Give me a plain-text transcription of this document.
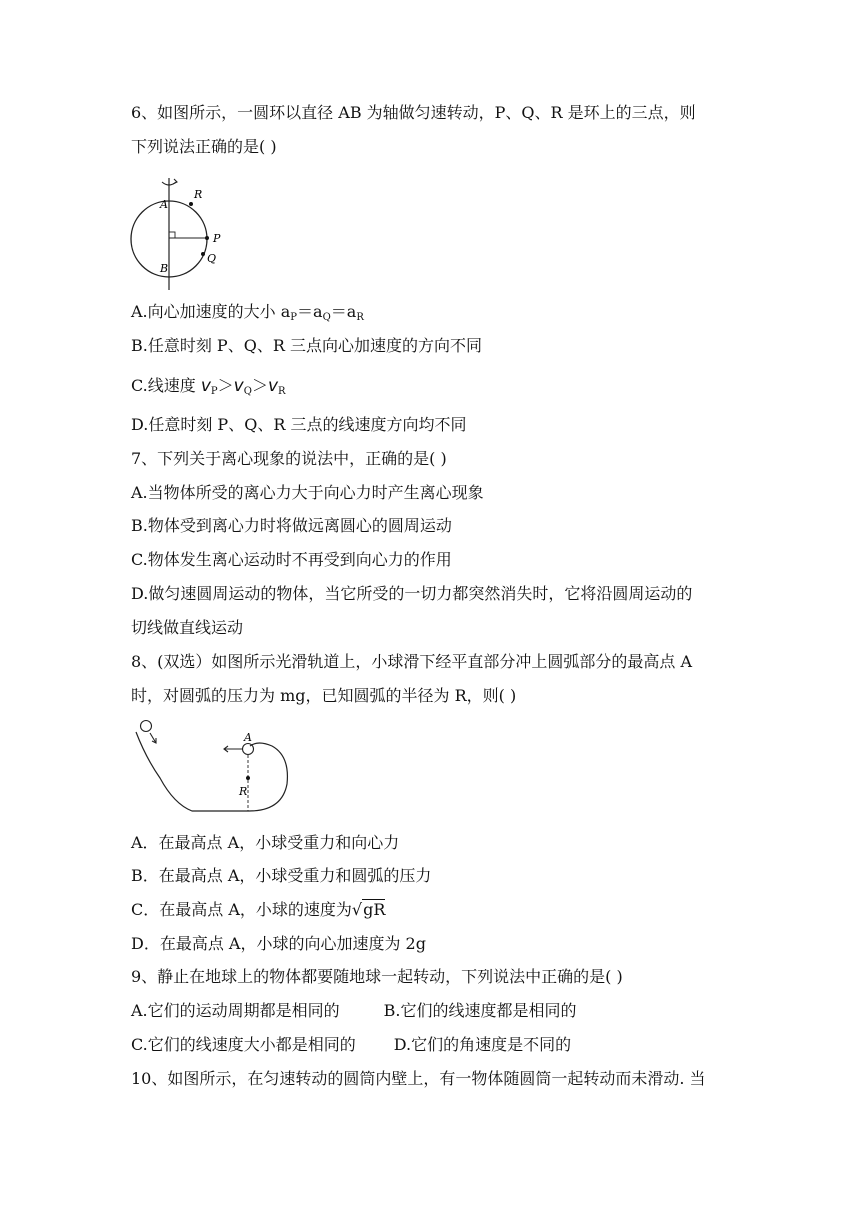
6、如图所示，一圆环以直径 AB 为轴做匀速转动，P、Q、R 是环上的三点，则
下列说法正确的是( )
R
A
P
Q
B
A.向心加速度的大小 $a_P=a_Q=a_R$
B.任意时刻 P、Q、R 三点向心加速度的方向不同
C.线速度 $v_P>v_Q>v_R$
D.任意时刻 P、Q、R 三点的线速度方向均不同
7、下列关于离心现象的说法中，正确的是( )
A.当物体所受的离心力大于向心力时产生离心现象
B.物体受到离心力时将做远离圆心的圆周运动
C.物体发生离心运动时不再受到向心力的作用
D.做匀速圆周运动的物体，当它所受的一切力都突然消失时，它将沿圆周运动的
切线做直线运动
8、(双选）如图所示光滑轨道上，小球滑下经平直部分冲上圆弧部分的最高点 A
时，对圆弧的压力为 mg，已知圆弧的半径为 R，则( )
A
R
A．在最高点 A，小球受重力和向心力
B．在最高点 A，小球受重力和圆弧的压力
C．在最高点 A，小球的速度为√gR
D．在最高点 A，小球的向心加速度为 2g
9、静止在地球上的物体都要随地球一起转动，下列说法中正确的是( )
A.它们的运动周期都是相同的	B.它们的线速度都是相同的
C.它们的线速度大小都是相同的 D.它们的角速度是不同的
10、如图所示，在匀速转动的圆筒内壁上，有一物体随圆筒一起转动而未滑动. 当
